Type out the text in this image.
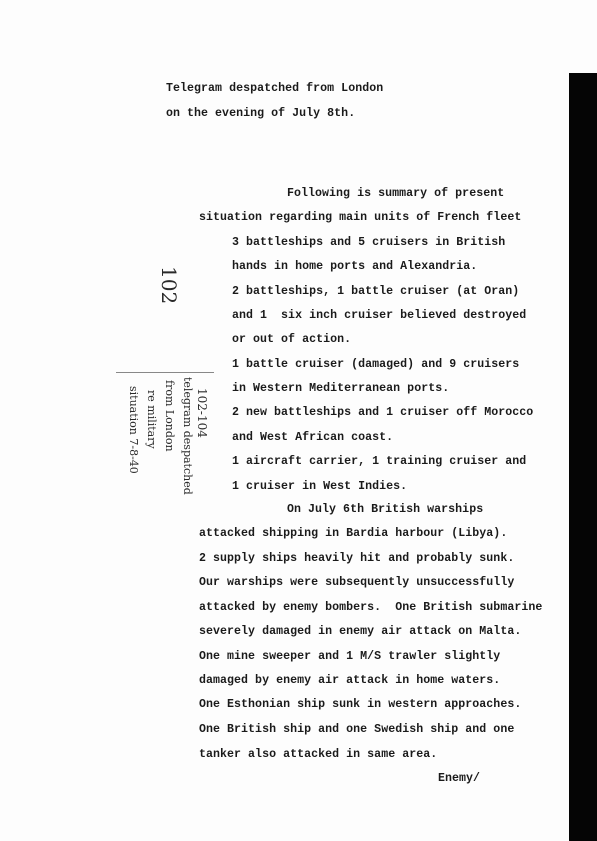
Telegram despatched from London
on the evening of July 8th.
Following is summary of present
situation regarding main units of French fleet
3 battleships and 5 cruisers in British
hands in home ports and Alexandria.
2 battleships, 1 battle cruiser (at Oran)
and 1  six inch cruiser believed destroyed
or out of action.
1 battle cruiser (damaged) and 9 cruisers
in Western Mediterranean ports.
2 new battleships and 1 cruiser off Morocco
and West African coast.
1 aircraft carrier, 1 training cruiser and
1 cruiser in West Indies.
On July 6th British warships
attacked shipping in Bardia harbour (Libya).
2 supply ships heavily hit and probably sunk.
Our warships were subsequently unsuccessfully
attacked by enemy bombers.  One British submarine
severely damaged in enemy air attack on Malta.
One mine sweeper and 1 M/S trawler slightly
damaged by enemy air attack in home waters.
One Esthonian ship sunk in western approaches.
One British ship and one Swedish ship and one
tanker also attacked in same area.
Enemy/
102
102-104
telegram despatched
from London
re military
situation 7-8-40
